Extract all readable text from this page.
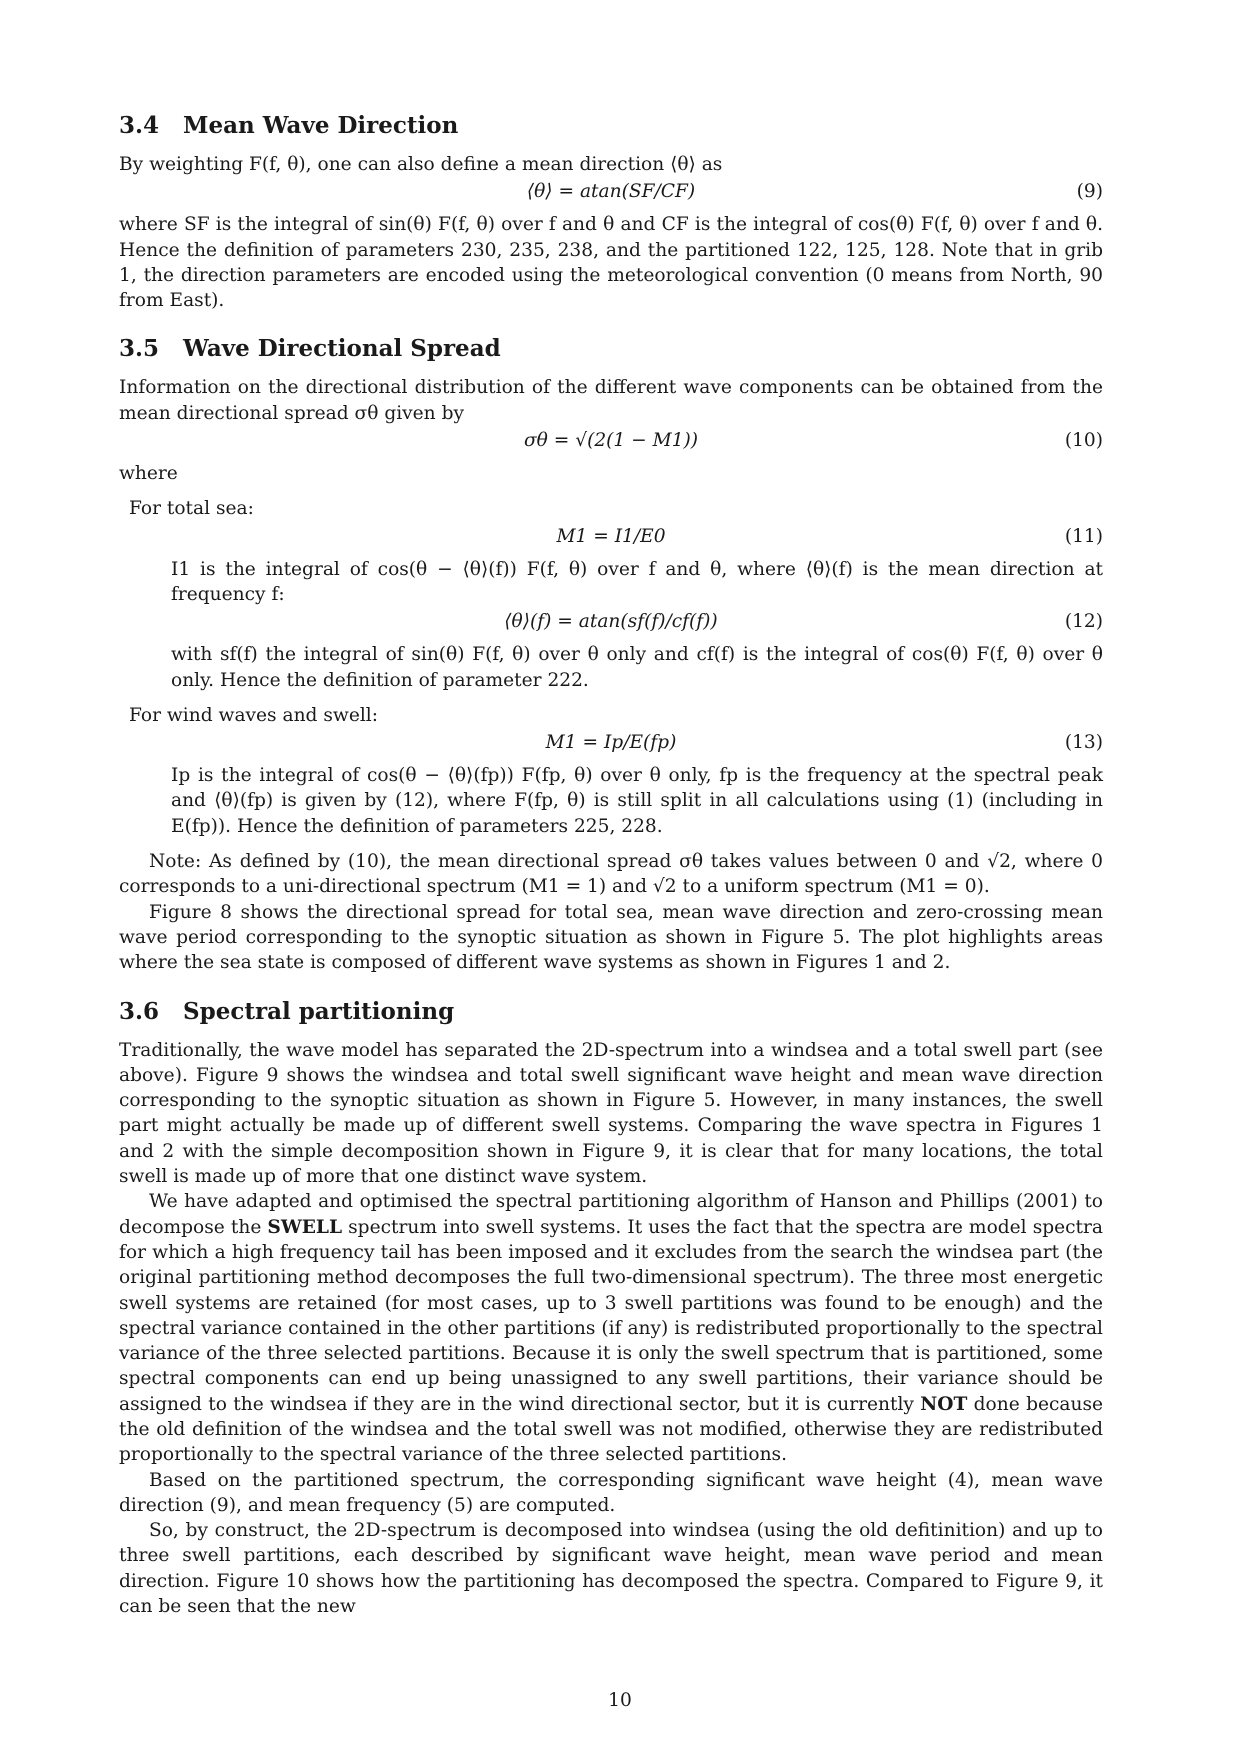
3.4 Mean Wave Direction

By weighting F(f, θ), one can also define a mean direction ⟨θ⟩ as

⟨θ⟩ = atan(SF/CF)	(9)

where SF is the integral of sin(θ) F(f, θ) over f and θ and CF is the integral of cos(θ) F(f, θ) over f and θ. Hence the definition of parameters 230, 235, 238, and the partitioned 122, 125, 128. Note that in grib 1, the direction parameters are encoded using the meteorological convention (0 means from North, 90 from East).

3.5 Wave Directional Spread

Information on the directional distribution of the different wave components can be obtained from the mean directional spread σθ given by

σθ = √(2(1 − M1))	(10)

where

For total sea:
M1 = I1/E0	(11)

I1 is the integral of cos(θ − ⟨θ⟩(f)) F(f, θ) over f and θ, where ⟨θ⟩(f) is the mean direction at frequency f:

⟨θ⟩(f) = atan(sf(f)/cf(f))	(12)

with sf(f) the integral of sin(θ) F(f, θ) over θ only and cf(f) is the integral of cos(θ) F(f, θ) over θ only. Hence the definition of parameter 222.

For wind waves and swell:
M1 = Ip/E(fp)	(13)

Ip is the integral of cos(θ − ⟨θ⟩(fp)) F(fp, θ) over θ only, fp is the frequency at the spectral peak and ⟨θ⟩(fp) is given by (12), where F(fp, θ) is still split in all calculations using (1) (including in E(fp)). Hence the definition of parameters 225, 228.

Note: As defined by (10), the mean directional spread σθ takes values between 0 and √2, where 0 corresponds to a uni-directional spectrum (M1 = 1) and √2 to a uniform spectrum (M1 = 0).

Figure 8 shows the directional spread for total sea, mean wave direction and zero-crossing mean wave period corresponding to the synoptic situation as shown in Figure 5. The plot highlights areas where the sea state is composed of different wave systems as shown in Figures 1 and 2.

3.6 Spectral partitioning

Traditionally, the wave model has separated the 2D-spectrum into a windsea and a total swell part (see above). Figure 9 shows the windsea and total swell significant wave height and mean wave direction corresponding to the synoptic situation as shown in Figure 5. However, in many instances, the swell part might actually be made up of different swell systems. Comparing the wave spectra in Figures 1 and 2 with the simple decomposition shown in Figure 9, it is clear that for many locations, the total swell is made up of more that one distinct wave system.

We have adapted and optimised the spectral partitioning algorithm of Hanson and Phillips (2001) to decompose the SWELL spectrum into swell systems. It uses the fact that the spectra are model spectra for which a high frequency tail has been imposed and it excludes from the search the windsea part (the original partitioning method decomposes the full two-dimensional spectrum). The three most energetic swell systems are retained (for most cases, up to 3 swell partitions was found to be enough) and the spectral variance contained in the other partitions (if any) is redistributed proportionally to the spectral variance of the three selected partitions. Because it is only the swell spectrum that is partitioned, some spectral components can end up being unassigned to any swell partitions, their variance should be assigned to the windsea if they are in the wind directional sector, but it is currently NOT done because the old definition of the windsea and the total swell was not modified, otherwise they are redistributed proportionally to the spectral variance of the three selected partitions.

Based on the partitioned spectrum, the corresponding significant wave height (4), mean wave direction (9), and mean frequency (5) are computed.

So, by construct, the 2D-spectrum is decomposed into windsea (using the old defitinition) and up to three swell partitions, each described by significant wave height, mean wave period and mean direction. Figure 10 shows how the partitioning has decomposed the spectra. Compared to Figure 9, it can be seen that the new

10
